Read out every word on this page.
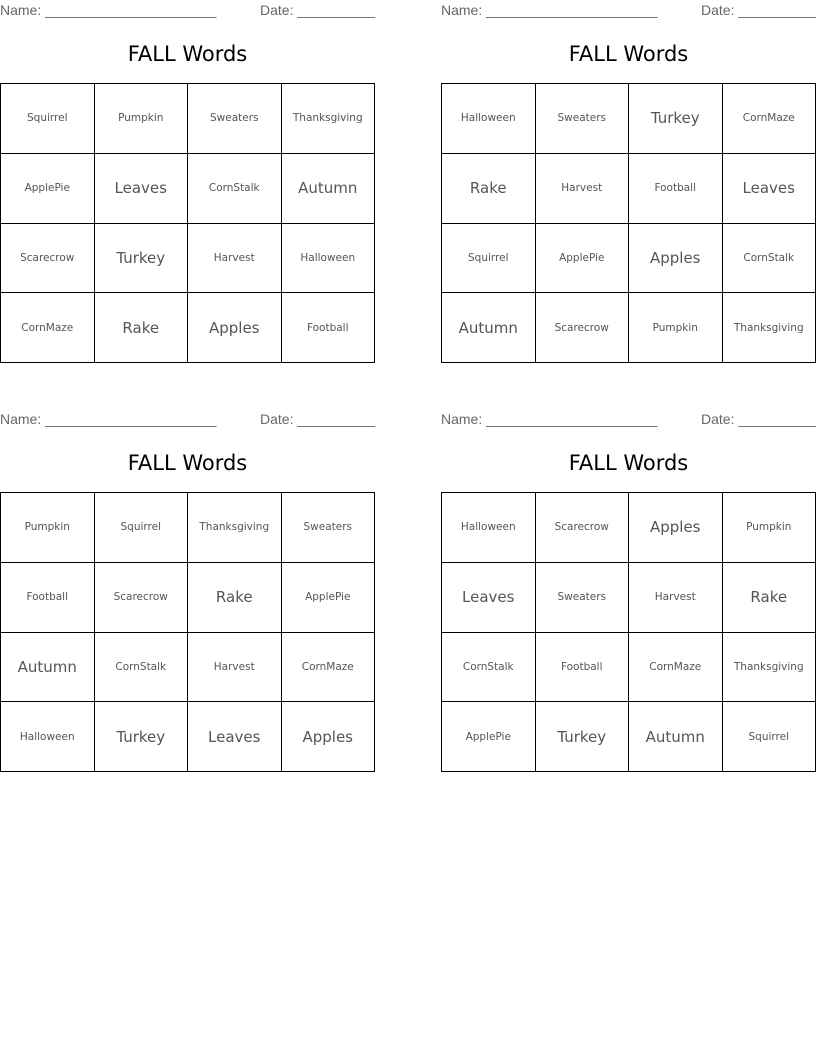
Name: ______________________	Date: __________
FALL Words
Squirrel	Pumpkin	Sweaters	Thanksgiving
ApplePie	Leaves	CornStalk	Autumn
Scarecrow	Turkey	Harvest	Halloween
CornMaze	Rake	Apples	Football
Name: ______________________	Date: __________
FALL Words
Halloween	Sweaters	Turkey	CornMaze
Rake	Harvest	Football	Leaves
Squirrel	ApplePie	Apples	CornStalk
Autumn	Scarecrow	Pumpkin	Thanksgiving
Name: ______________________	Date: __________
FALL Words
Pumpkin	Squirrel	Thanksgiving	Sweaters
Football	Scarecrow	Rake	ApplePie
Autumn	CornStalk	Harvest	CornMaze
Halloween	Turkey	Leaves	Apples
Name: ______________________	Date: __________
FALL Words
Halloween	Scarecrow	Apples	Pumpkin
Leaves	Sweaters	Harvest	Rake
CornStalk	Football	CornMaze	Thanksgiving
ApplePie	Turkey	Autumn	Squirrel
